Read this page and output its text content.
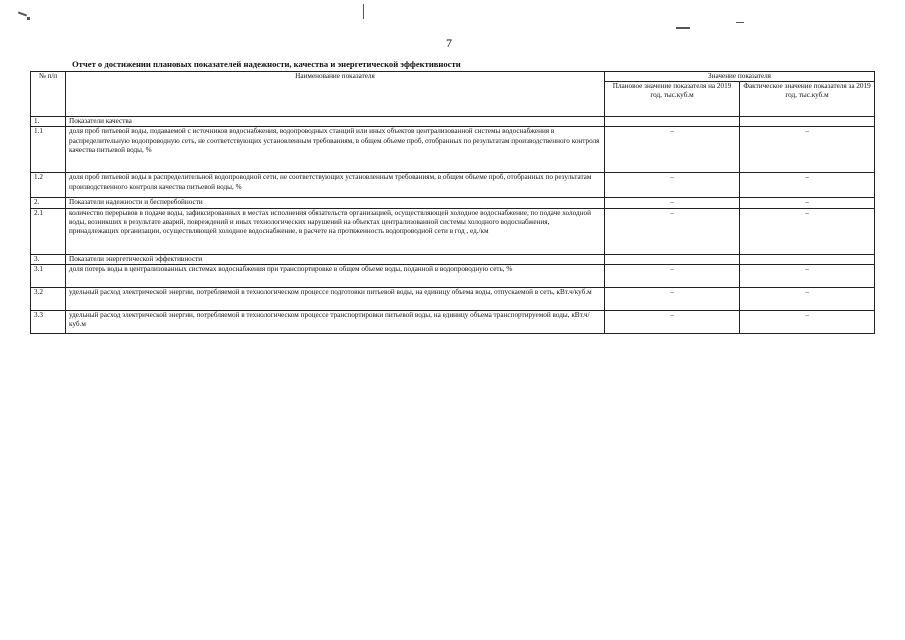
7
Отчет о достижении плановых показателей надежности, качества и энергетической эффективности
№ п/п	Наименование показателя	Значение показателя	
		Плановое значение показателя на 2019 год, тыс.куб.м	Фактическое значение показателя за 2019 год, тыс.куб.м
1.	Показатели качества		
1.1	доля проб питьевой воды, подаваемой с источников водоснабжения, водопроводных станций или иных объектов централизованной системы водоснабжения в распределительную водопроводную сеть, не соответствующих установленным требованиям, в общем объеме проб, отобранных по результатам производственного контроля качества питьевой воды, %	–	–
1.2	доля проб питьевой воды в распределительной водопроводной сети, не соответствующих установленным требованиям, в общем объеме проб, отобранных по результатам производственного контроля качества питьевой воды, %	–	–
2.	Показатели надежности и бесперебойности	–	–
2.1	количество перерывов в подаче воды, зафиксированных в местах исполнения обязательств организацией, осуществляющей холодное водоснабжение, по подаче холодной воды, возникших в результате аварий, повреждений и иных технологических нарушений на объектах централизованной системы холодного водоснабжения, принадлежащих организации, осуществляющей холодное водоснабжение, в расчете на протяженность водопроводной сети в год , ед./км	–	–
3.	Показатели энергетической эффективности		
3.1	доля потерь воды в централизованных системах водоснабжения при транспортировке в общем объеме воды, поданной в водопроводную сеть, %	–	–
3.2	удельный расход электрической энергии, потребляемой в технологическом процессе подготовки питьевой воды, на единицу объема воды, отпускаемой в сеть, кВт.ч/куб.м	–	–
3.3	удельный расход электрической энергии, потребляемой в технологическом процессе транспортировки питьевой воды, на единицу объема транспортируемой воды, кВт.ч/куб.м	–	–
